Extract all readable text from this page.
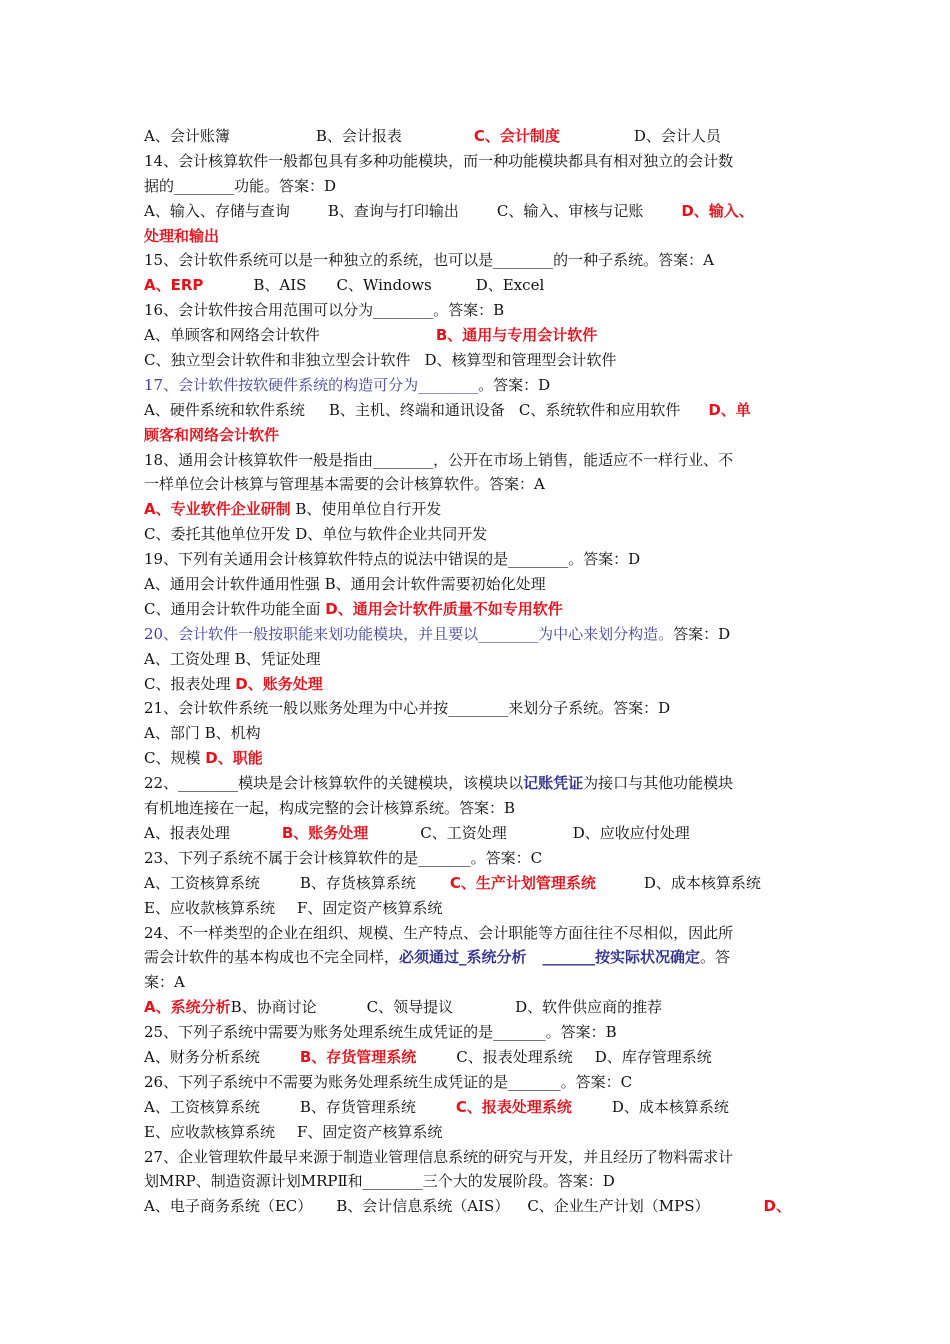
A、会计账簿	B、会计报表	C、会计制度	D、会计人员
14、会计核算软件一般都包具有多种功能模块，而一种功能模块都具有相对独立的会计数
据的________功能。答案：D
A、输入、存储与查询	B、查询与打印输出	C、输入、审核与记账	D、输入、
处理和输出
15、会计软件系统可以是一种独立的系统，也可以是________的一种子系统。答案：A
A、ERP	B、AIS C、Windows	D、Excel
16、会计软件按合用范围可以分为________。答案：B
A、单顾客和网络会计软件	B、通用与专用会计软件
C、独立型会计软件和非独立型会计软件 D、核算型和管理型会计软件
17、会计软件按软硬件系统的构造可分为________。答案：D
A、硬件系统和软件系统 B、主机、终端和通讯设备 C、系统软件和应用软件 D、单
顾客和网络会计软件
18、通用会计核算软件一般是指由________，公开在市场上销售，能适应不一样行业、不
一样单位会计核算与管理基本需要的会计核算软件。答案：A
A、专业软件企业研制 B、使用单位自行开发
C、委托其他单位开发 D、单位与软件企业共同开发
19、下列有关通用会计核算软件特点的说法中错误的是________。答案：D
A、通用会计软件通用性强 B、通用会计软件需要初始化处理
C、通用会计软件功能全面 D、通用会计软件质量不如专用软件
20、会计软件一般按职能来划功能模块，并且要以________为中心来划分构造。答案：D
A、工资处理 B、凭证处理
C、报表处理 D、账务处理
21、会计软件系统一般以账务处理为中心并按________来划分子系统。答案：D
A、部门 B、机构
C、规模 D、职能
22、________模块是会计核算软件的关键模块，该模块以记账凭证为接口与其他功能模块
有机地连接在一起，构成完整的会计核算系统。答案：B
A、报表处理	B、账务处理	C、工资处理	D、应收应付处理
23、下列子系统不属于会计核算软件的是_______。答案：C
A、工资核算系统	B、存货核算系统 C、生产计划管理系统	D、成本核算系统
E、应收款核算系统 F、固定资产核算系统
24、不一样类型的企业在组织、规模、生产特点、会计职能等方面往往不尽相似，因此所
需会计软件的基本构成也不完全同样，必须通过_系统分析 _______按实际状况确定。答
案：A
A、系统分析B、协商讨论	C、领导提议	D、软件供应商的推荐
25、下列子系统中需要为账务处理系统生成凭证的是_______。答案：B
A、财务分析系统	B、存货管理系统	C、报表处理系统 D、库存管理系统
26、下列子系统中不需要为账务处理系统生成凭证的是_______。答案：C
A、工资核算系统	B、存货管理系统	C、报表处理系统	D、成本核算系统
E、应收款核算系统 F、固定资产核算系统
27、企业管理软件最早来源于制造业管理信息系统的研究与开发，并且经历了物料需求计
划MRP、制造资源计划MRPⅡ和________三个大的发展阶段。答案：D
A、电子商务系统（EC） B、会计信息系统（AIS） C、企业生产计划（MPS）	D、
